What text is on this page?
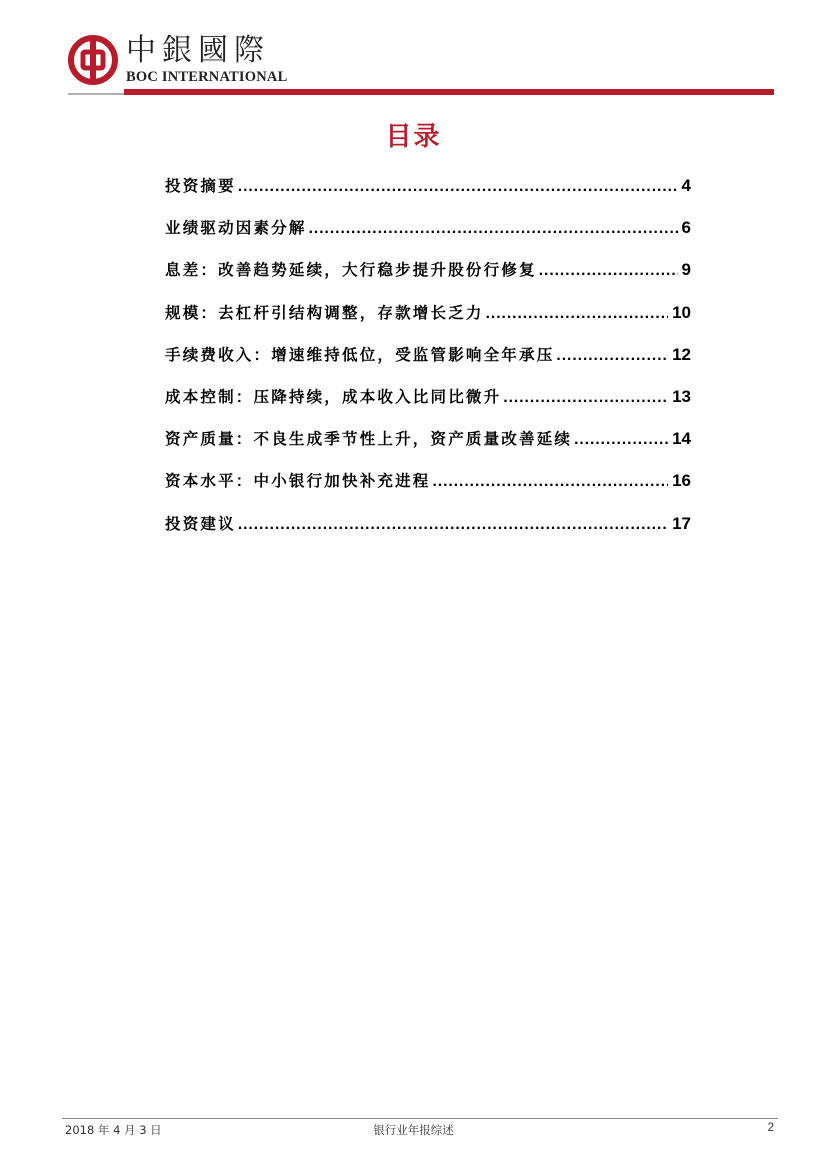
中銀國際
BOC INTERNATIONAL
目录
投资摘要 .....	4
业绩驱动因素分解 .....	6
息差：改善趋势延续，大行稳步提升股份行修复 .....	9
规模：去杠杆引结构调整，存款增长乏力 .....	10
手续费收入：增速维持低位，受监管影响全年承压 .....	12
成本控制：压降持续，成本收入比同比微升 .....	13
资产质量：不良生成季节性上升，资产质量改善延续 .....	14
资本水平：中小银行加快补充进程 .....	16
投资建议 .....	17
2018 年 4 月 3 日	银行业年报综述	2
